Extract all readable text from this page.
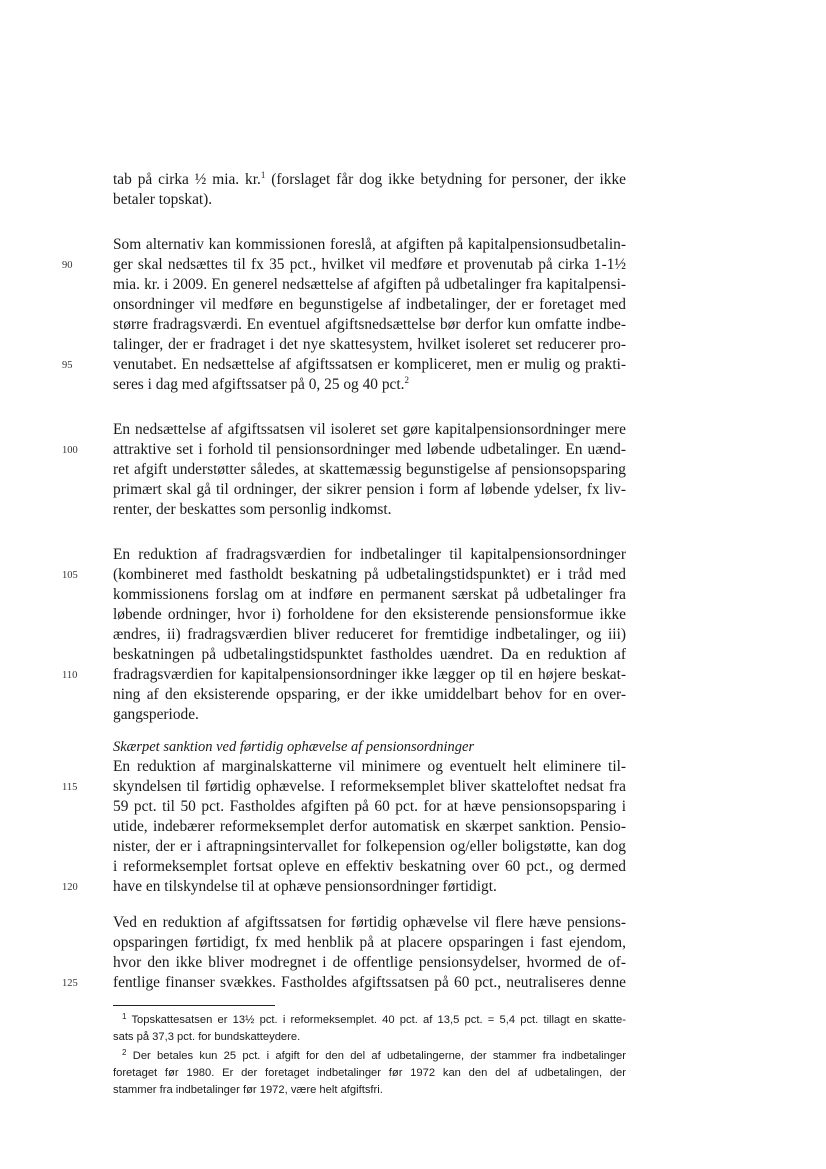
tab på cirka ½ mia. kr.$^1$ (forslaget får dog ikke betydning for personer, der ikke
betaler topskat).
Som alternativ kan kommissionen foreslå, at afgiften på kapitalpensionsudbetalin-
ger skal nedsættes til fx 35 pct., hvilket vil medføre et provenutab på cirka 1-1½
mia. kr. i 2009. En generel nedsættelse af afgiften på udbetalinger fra kapitalpensi-
onsordninger vil medføre en begunstigelse af indbetalinger, der er foretaget med
større fradragsværdi. En eventuel afgiftsnedsættelse bør derfor kun omfatte indbe-
talinger, der er fradraget i det nye skattesystem, hvilket isoleret set reducerer pro-
venutabet. En nedsættelse af afgiftssatsen er kompliceret, men er mulig og prakti-
seres i dag med afgiftssatser på 0, 25 og 40 pct.$^2$
En nedsættelse af afgiftssatsen vil isoleret set gøre kapitalpensionsordninger mere
attraktive set i forhold til pensionsordninger med løbende udbetalinger. En uænd-
ret afgift understøtter således, at skattemæssig begunstigelse af pensionsopsparing
primært skal gå til ordninger, der sikrer pension i form af løbende ydelser, fx liv-
renter, der beskattes som personlig indkomst.
En reduktion af fradragsværdien for indbetalinger til kapitalpensionsordninger
(kombineret med fastholdt beskatning på udbetalingstidspunktet) er i tråd med
kommissionens forslag om at indføre en permanent særskat på udbetalinger fra
løbende ordninger, hvor i) forholdene for den eksisterende pensionsformue ikke
ændres, ii) fradragsværdien bliver reduceret for fremtidige indbetalinger, og iii)
beskatningen på udbetalingstidspunktet fastholdes uændret. Da en reduktion af
fradragsværdien for kapitalpensionsordninger ikke lægger op til en højere beskat-
ning af den eksisterende opsparing, er der ikke umiddelbart behov for en over-
gangsperiode.
Skærpet sanktion ved førtidig ophævelse af pensionsordninger
En reduktion af marginalskatterne vil minimere og eventuelt helt eliminere til-
skyndelsen til førtidig ophævelse. I reformeksemplet bliver skatteloftet nedsat fra
59 pct. til 50 pct. Fastholdes afgiften på 60 pct. for at hæve pensionsopsparing i
utide, indebærer reformeksemplet derfor automatisk en skærpet sanktion. Pensio-
nister, der er i aftrapningsintervallet for folkepension og/eller boligstøtte, kan dog
i reformeksemplet fortsat opleve en effektiv beskatning over 60 pct., og dermed
have en tilskyndelse til at ophæve pensionsordninger førtidigt.
Ved en reduktion af afgiftssatsen for førtidig ophævelse vil flere hæve pensions-
opsparingen førtidigt, fx med henblik på at placere opsparingen i fast ejendom,
hvor den ikke bliver modregnet i de offentlige pensionsydelser, hvormed de of-
fentlige finanser svækkes. Fastholdes afgiftssatsen på 60 pct., neutraliseres denne
90
95
100
105
110
115
120
125
$^1$ Topskattesatsen er 13½ pct. i reformeksemplet. 40 pct. af 13,5 pct. = 5,4 pct. tillagt en skatte-
sats på 37,3 pct. for bundskatteydere.
$^2$ Der betales kun 25 pct. i afgift for den del af udbetalingerne, der stammer fra indbetalinger
foretaget før 1980. Er der foretaget indbetalinger før 1972 kan den del af udbetalingen, der
stammer fra indbetalinger før 1972, være helt afgiftsfri.
